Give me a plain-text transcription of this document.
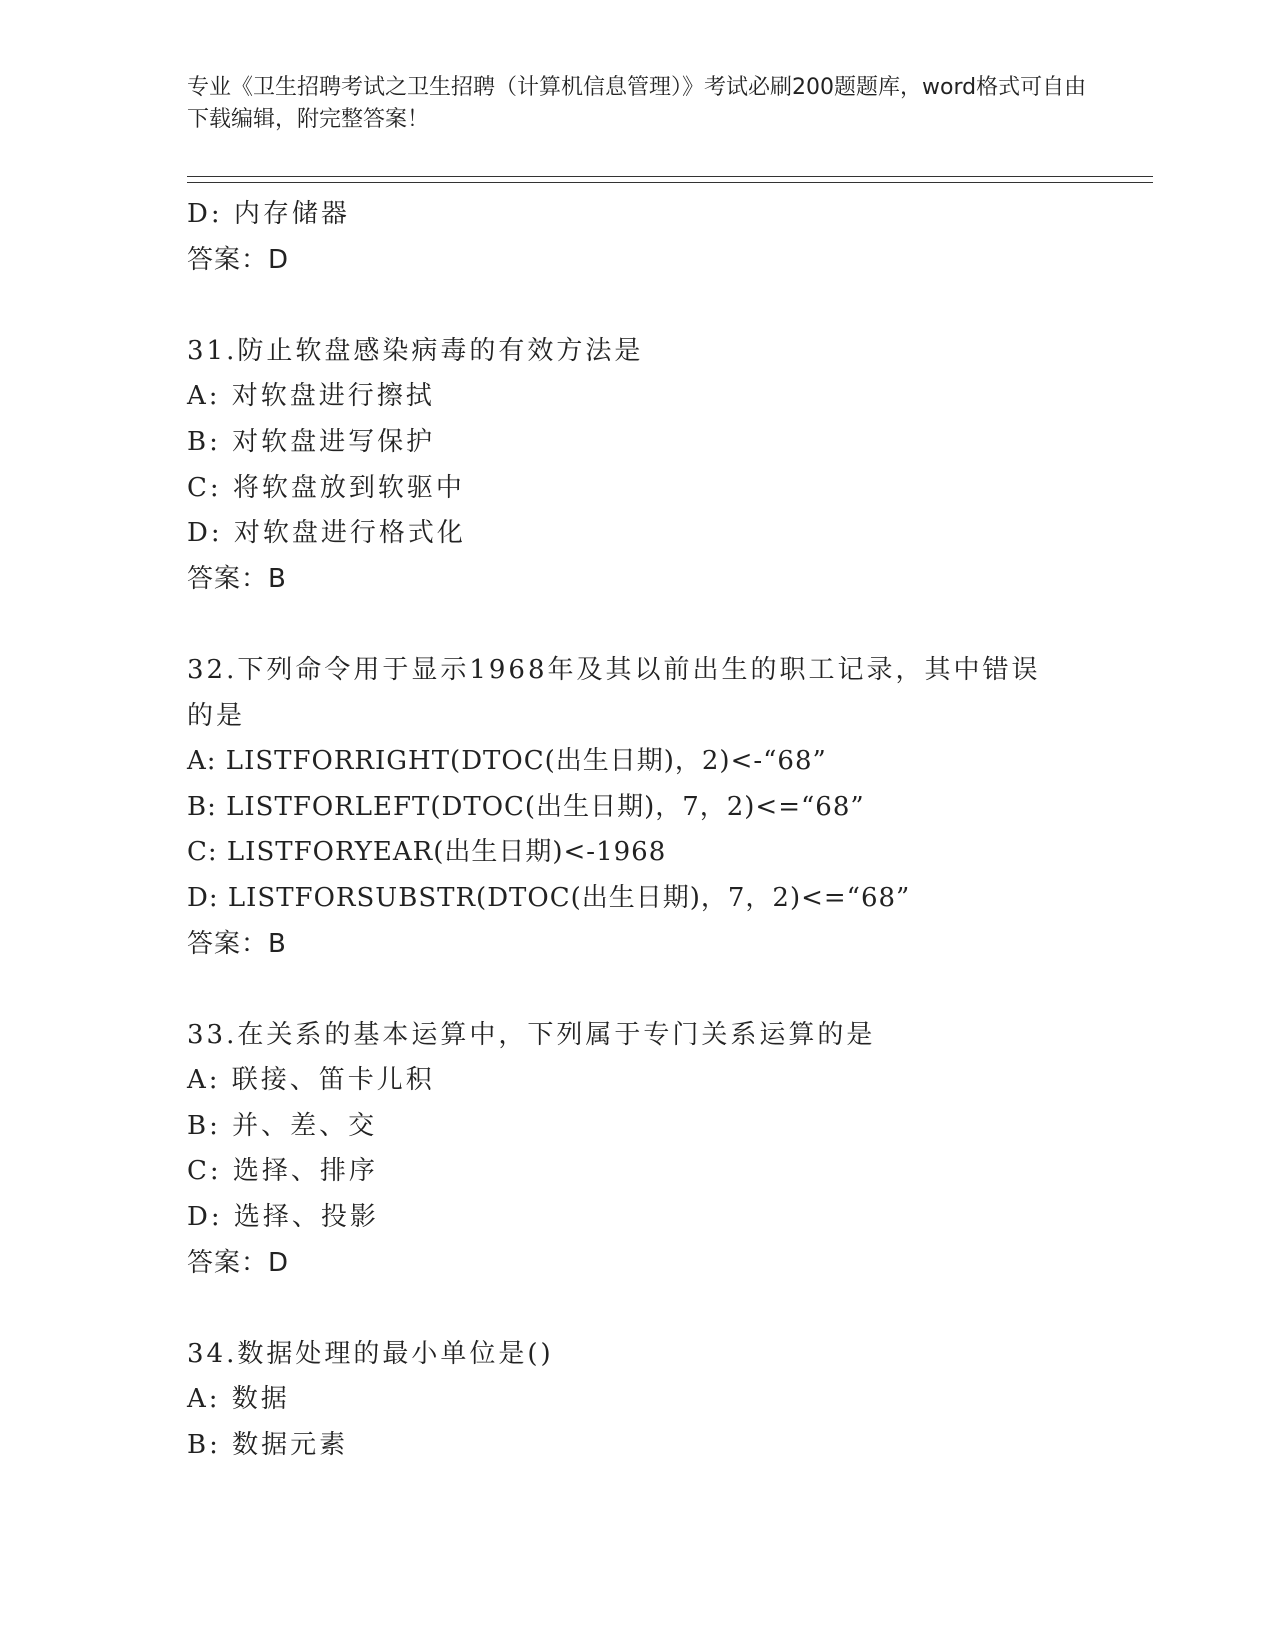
专业《卫生招聘考试之卫生招聘（计算机信息管理）》考试必刷200题题库，word格式可自由下载编辑，附完整答案！
D: 内存储器
答案：D
31.防止软盘感染病毒的有效方法是
A: 对软盘进行擦拭
B: 对软盘进写保护
C: 将软盘放到软驱中
D: 对软盘进行格式化
答案：B
32.下列命令用于显示1968年及其以前出生的职工记录，其中错误的是
A: LISTFORRIGHT(DTOC(出生日期)，2)<-“68”
B: LISTFORLEFT(DTOC(出生日期)，7，2)<=“68”
C: LISTFORYEAR(出生日期)<-1968
D: LISTFORSUBSTR(DTOC(出生日期)，7，2)<=“68”
答案：B
33.在关系的基本运算中，下列属于专门关系运算的是
A: 联接、笛卡儿积
B: 并、差、交
C: 选择、排序
D: 选择、投影
答案：D
34.数据处理的最小单位是()
A: 数据
B: 数据元素
